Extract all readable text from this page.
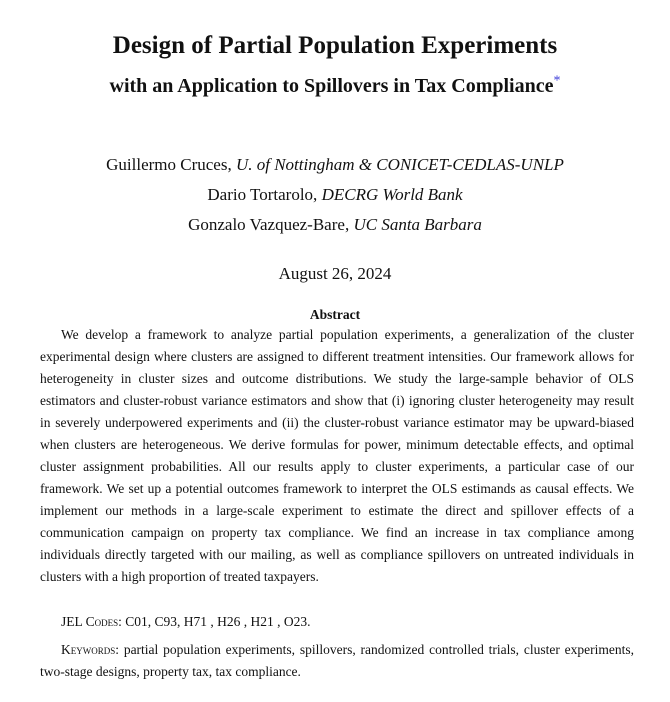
Design of Partial Population Experiments
with an Application to Spillovers in Tax Compliance*
Guillermo Cruces, U. of Nottingham & CONICET-CEDLAS-UNLP
Dario Tortarolo, DECRG World Bank
Gonzalo Vazquez-Bare, UC Santa Barbara
August 26, 2024
Abstract

We develop a framework to analyze partial population experiments, a generalization of the cluster experimental design where clusters are assigned to different treatment intensities. Our framework allows for heterogeneity in cluster sizes and outcome distributions. We study the large-sample behavior of OLS estimators and cluster-robust variance estimators and show that (i) ignoring cluster heterogeneity may result in severely underpowered experiments and (ii) the cluster-robust variance estimator may be upward-biased when clusters are heterogeneous. We derive formulas for power, minimum detectable effects, and optimal cluster assignment probabilities. All our results apply to cluster experiments, a particular case of our framework. We set up a potential outcomes framework to interpret the OLS estimands as causal effects. We implement our methods in a large-scale experiment to estimate the direct and spillover effects of a communication campaign on property tax compliance. We find an increase in tax compliance among individuals directly targeted with our mailing, as well as compliance spillovers on untreated individuals in clusters with a high proportion of treated taxpayers.

JEL Codes: C01, C93, H71 , H26 , H21 , O23.

Keywords: partial population experiments, spillovers, randomized controlled trials, cluster experiments, two-stage designs, property tax, tax compliance.
